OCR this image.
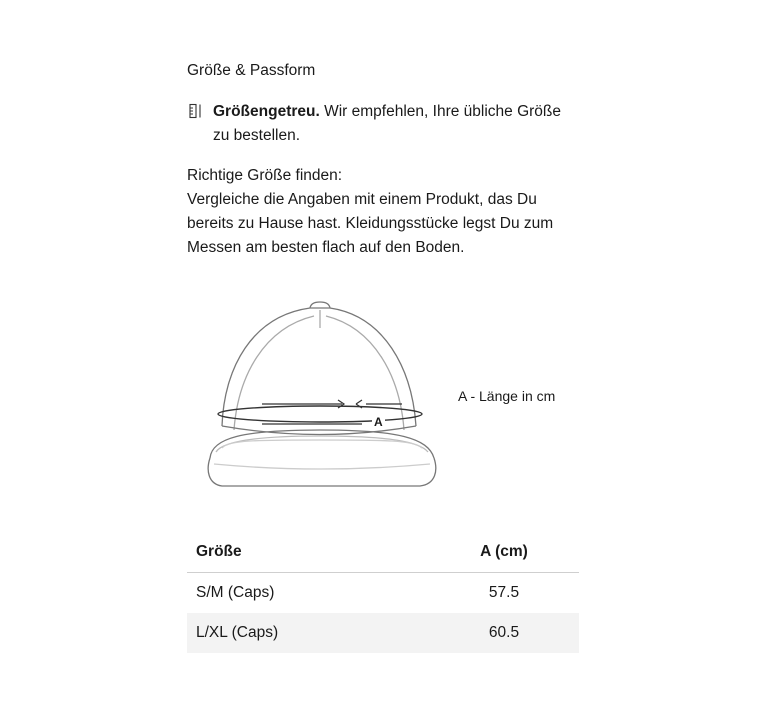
Größe & Passform
Größengetreu. Wir empfehlen, Ihre übliche Größe zu bestellen.
Richtige Größe finden:
Vergleiche die Angaben mit einem Produkt, das Du bereits zu Hause hast. Kleidungsstücke legst Du zum Messen am besten flach auf den Boden.
A
A - Länge in cm
Größe	A (cm)
S/M (Caps)	57.5
L/XL (Caps)	60.5
